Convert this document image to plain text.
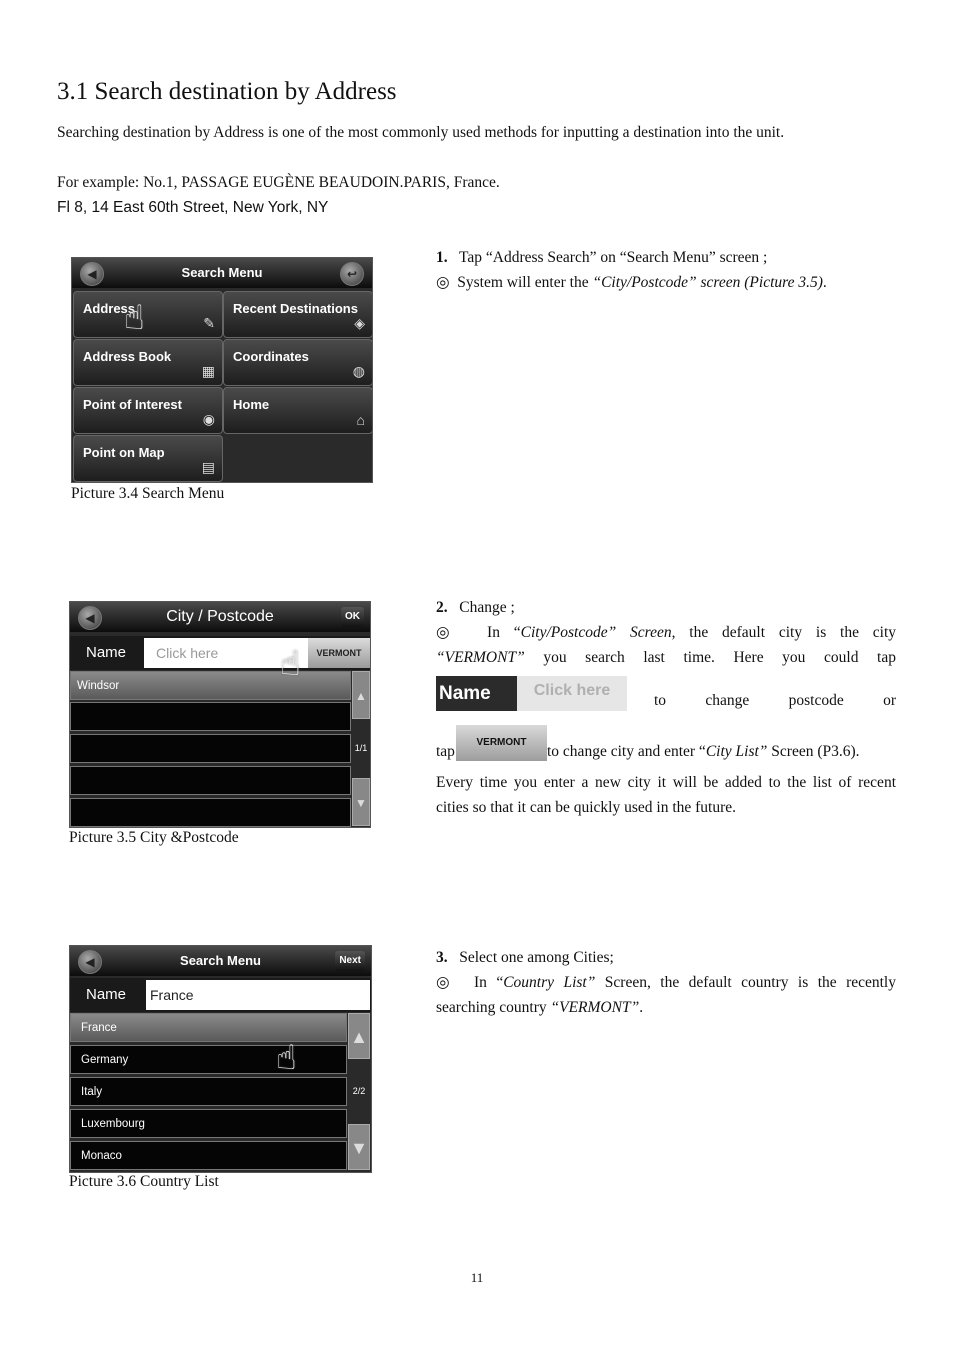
3.1 Search destination by Address
Searching destination by Address is one of the most commonly used methods for inputting a destination into the unit.
For example: No.1, PASSAGE EUGÈNE BEAUDOIN.PARIS, France.
Fl 8, 14 East 60th Street, New York, NY
◀	Search Menu	↩
Address
✎
Recent Destinations
◈
Address Book
▦
Coordinates
◍
Point of Interest
◉
Home
⌂
Point on Map
▤
☝
Picture 3.4 Search Menu
◀	City / Postcode	OK
Name	Click here	VERMONT
Windsor
▲
1/1
▼
☝
Picture 3.5 City &Postcode
◀	Search Menu	Next
Name	France
France
Germany
Italy
Luxembourg
Monaco
▲
2/2
▼
☝
Picture 3.6 Country List
1. Tap “Address Search” on “Search Menu” screen ;
◎ System will enter the “City/Postcode” screen (Picture 3.5).
2. Change ;
◎ In “City/Postcode” Screen, the default city is the city
“VERMONT” you search last time. Here you could tap
Name	Click here
to change postcode or
tap
VERMONT
to change city and enter “City List” Screen (P3.6).
Every time you enter a new city it will be added to the list of recent
cities so that it can be quickly used in the future.
3. Select one among Cities;
◎ In “Country List” Screen, the default country is the recently
searching country “VERMONT”.
11
